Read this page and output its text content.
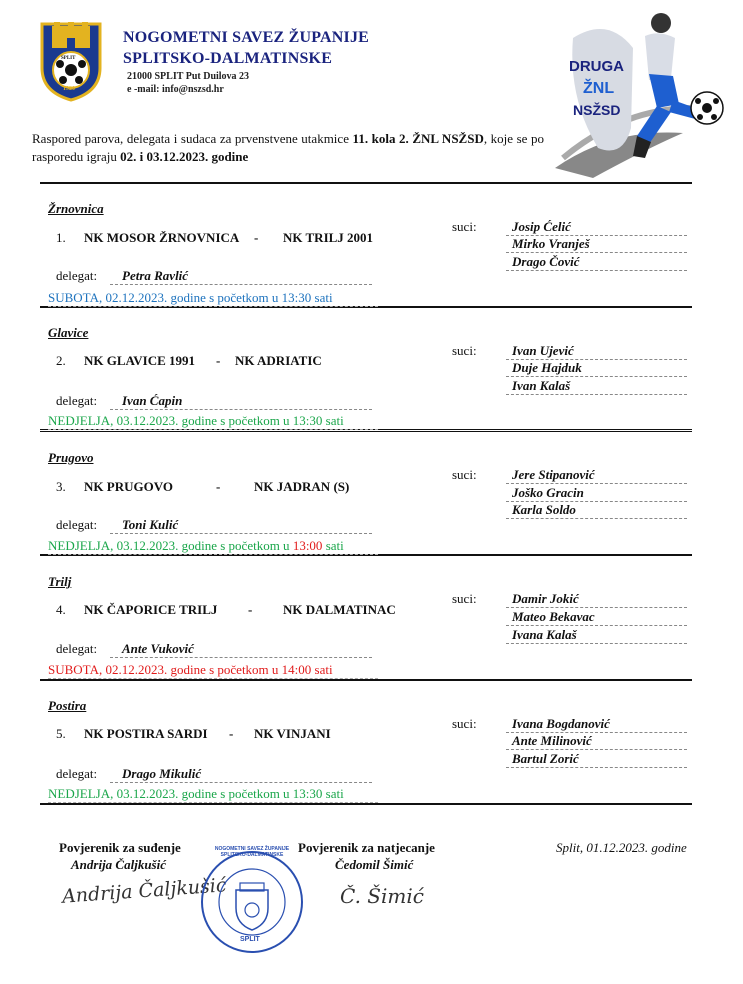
1920
SPLIT
NOGOMETNI SAVEZ ŽUPANIJE
SPLITSKO-DALMATINSKE
21000 SPLIT Put Duilova 23
e -mail: info@nszsd.hr
DRUGA
ŽNL
NSŽSD
Raspored parova, delegata i sudaca za prvenstvene utakmice 11. kola 2. ŽNL NSŽSD, koje se po rasporedu igraju 02. i 03.12.2023. godine
Žrnovnica
1. NK MOSOR ŽRNOVNICA - NK TRILJ 2001
suci:	Josip Ćelić
Mirko Vranješ
Drago Čović
delegat:	Petra Ravlić
SUBOTA, 02.12.2023. godine s početkom u 13:30 sati
Glavice
2. NK GLAVICE 1991 - NK ADRIATIC
suci:	Ivan Ujević
Duje Hajduk
Ivan Kalaš
delegat:	Ivan Ćapin
NEDJELJA, 03.12.2023. godine s početkom u 13:30 sati
Prugovo
3. NK PRUGOVO	-	NK JADRAN (S)
suci:	Jere Stipanović
Joško Gracin
Karla Soldo
delegat:	Toni Kulić
NEDJELJA, 03.12.2023. godine s početkom u 13:00 sati
Trilj
4. NK ČAPORICE TRILJ - NK DALMATINAC
suci:	Damir Jokić
Mateo Bekavac
Ivana Kalaš
delegat:	Ante Vuković
SUBOTA, 02.12.2023. godine s početkom u 14:00 sati
Postira
5. NK POSTIRA SARDI - NK VINJANI
suci:	Ivana Bogdanović
Ante Milinović
Bartul Zorić
delegat:	Drago Mikulić
NEDJELJA, 03.12.2023. godine s početkom u 13:30 sati
Povjerenik za suđenje
Andrija Čaljkušić
Andrija Čaljkušić
NOGOMETNI SAVEZ ŽUPANIJE SPLITSKO-DALMATINSKE
SPLIT
Povjerenik za natjecanje
Čedomil Šimić
Č. Šimić
Split, 01.12.2023. godine
